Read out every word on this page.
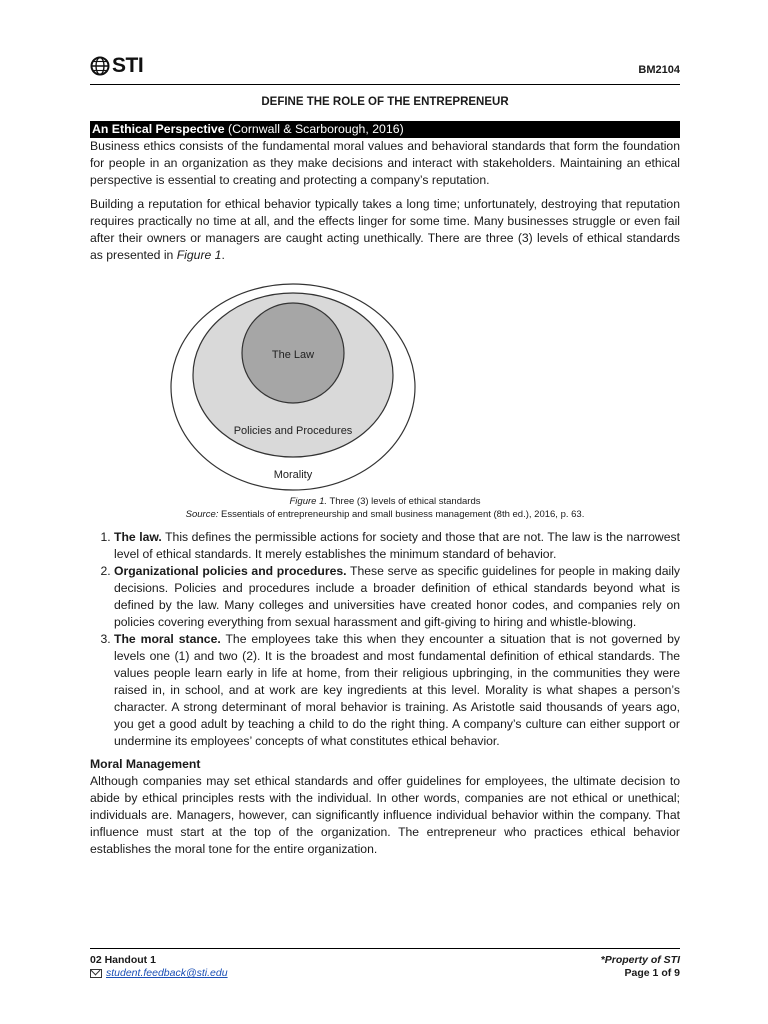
STI	BM2104
DEFINE THE ROLE OF THE ENTREPRENEUR
An Ethical Perspective (Cornwall & Scarborough, 2016)

Business ethics consists of the fundamental moral values and behavioral standards that form the foundation for people in an organization as they make decisions and interact with stakeholders. Maintaining an ethical perspective is essential to creating and protecting a company’s reputation.

Building a reputation for ethical behavior typically takes a long time; unfortunately, destroying that reputation requires practically no time at all, and the effects linger for some time. Many businesses struggle or even fail after their owners or managers are caught acting unethically. There are three (3) levels of ethical standards as presented in Figure 1.

The Law
Policies and Procedures
Morality
Figure 1. Three (3) levels of ethical standards
Source: Essentials of entrepreneurship and small business management (8th ed.), 2016, p. 63.
1. The law. This defines the permissible actions for society and those that are not. The law is the narrowest level of ethical standards. It merely establishes the minimum standard of behavior.
2. Organizational policies and procedures. These serve as specific guidelines for people in making daily decisions. Policies and procedures include a broader definition of ethical standards beyond what is defined by the law. Many colleges and universities have created honor codes, and companies rely on policies covering everything from sexual harassment and gift-giving to hiring and whistle-blowing.
3. The moral stance. The employees take this when they encounter a situation that is not governed by levels one (1) and two (2). It is the broadest and most fundamental definition of ethical standards. The values people learn early in life at home, from their religious upbringing, in the communities they were raised in, in school, and at work are key ingredients at this level. Morality is what shapes a person’s character. A strong determinant of moral behavior is training. As Aristotle said thousands of years ago, you get a good adult by teaching a child to do the right thing. A company’s culture can either support or undermine its employees’ concepts of what constitutes ethical behavior.
Moral Management

Although companies may set ethical standards and offer guidelines for employees, the ultimate decision to abide by ethical principles rests with the individual. In other words, companies are not ethical or unethical; individuals are. Managers, however, can significantly influence individual behavior within the company. That influence must start at the top of the organization. The entrepreneur who practices ethical behavior establishes the moral tone for the entire organization.

02 Handout 1
student.feedback@sti.edu
*Property of STI
Page 1 of 9
